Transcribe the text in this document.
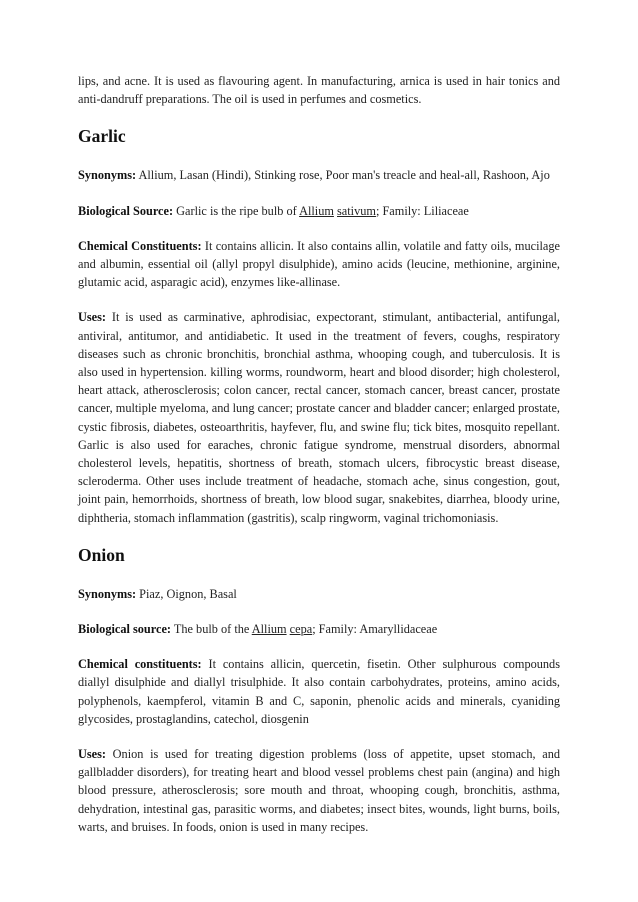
lips, and acne. It is used as flavouring agent. In manufacturing, arnica is used in hair tonics and anti-dandruff preparations. The oil is used in perfumes and cosmetics.

Garlic

Synonyms: Allium, Lasan (Hindi), Stinking rose, Poor man's treacle and heal-all, Rashoon, Ajo

Biological Source: Garlic is the ripe bulb of Allium sativum; Family: Liliaceae

Chemical Constituents: It contains allicin. It also contains allin, volatile and fatty oils, mucilage and albumin, essential oil (allyl propyl disulphide), amino acids (leucine, methionine, arginine, glutamic acid, asparagic acid), enzymes like-allinase.

Uses: It is used as carminative, aphrodisiac, expectorant, stimulant, antibacterial, antifungal, antiviral, antitumor, and antidiabetic. It used in the treatment of fevers, coughs, respiratory diseases such as chronic bronchitis, bronchial asthma, whooping cough, and tuberculosis. It is also used in hypertension. killing worms, roundworm, heart and blood disorder; high cholesterol, heart attack, atherosclerosis; colon cancer, rectal cancer, stomach cancer, breast cancer, prostate cancer, multiple myeloma, and lung cancer; prostate cancer and bladder cancer; enlarged prostate, cystic fibrosis, diabetes, osteoarthritis, hayfever, flu, and swine flu; tick bites, mosquito repellant. Garlic is also used for earaches, chronic fatigue syndrome, menstrual disorders, abnormal cholesterol levels, hepatitis, shortness of breath, stomach ulcers, fibrocystic breast disease, scleroderma. Other uses include treatment of headache, stomach ache, sinus congestion, gout, joint pain, hemorrhoids, shortness of breath, low blood sugar, snakebites, diarrhea, bloody urine, diphtheria, stomach inflammation (gastritis), scalp ringworm, vaginal trichomoniasis.

Onion

Synonyms: Piaz, Oignon, Basal

Biological source: The bulb of the Allium cepa; Family: Amaryllidaceae

Chemical constituents: It contains allicin, quercetin, fisetin. Other sulphurous compounds diallyl disulphide and diallyl trisulphide. It also contain carbohydrates, proteins, amino acids, polyphenols, kaempferol, vitamin B and C, saponin, phenolic acids and minerals, cyaniding glycosides, prostaglandins, catechol, diosgenin

Uses: Onion is used for treating digestion problems (loss of appetite, upset stomach, and gallbladder disorders), for treating heart and blood vessel problems chest pain (angina) and high blood pressure, atherosclerosis; sore mouth and throat, whooping cough, bronchitis, asthma, dehydration, intestinal gas, parasitic worms, and diabetes; insect bites, wounds, light burns, boils, warts, and bruises. In foods, onion is used in many recipes.
